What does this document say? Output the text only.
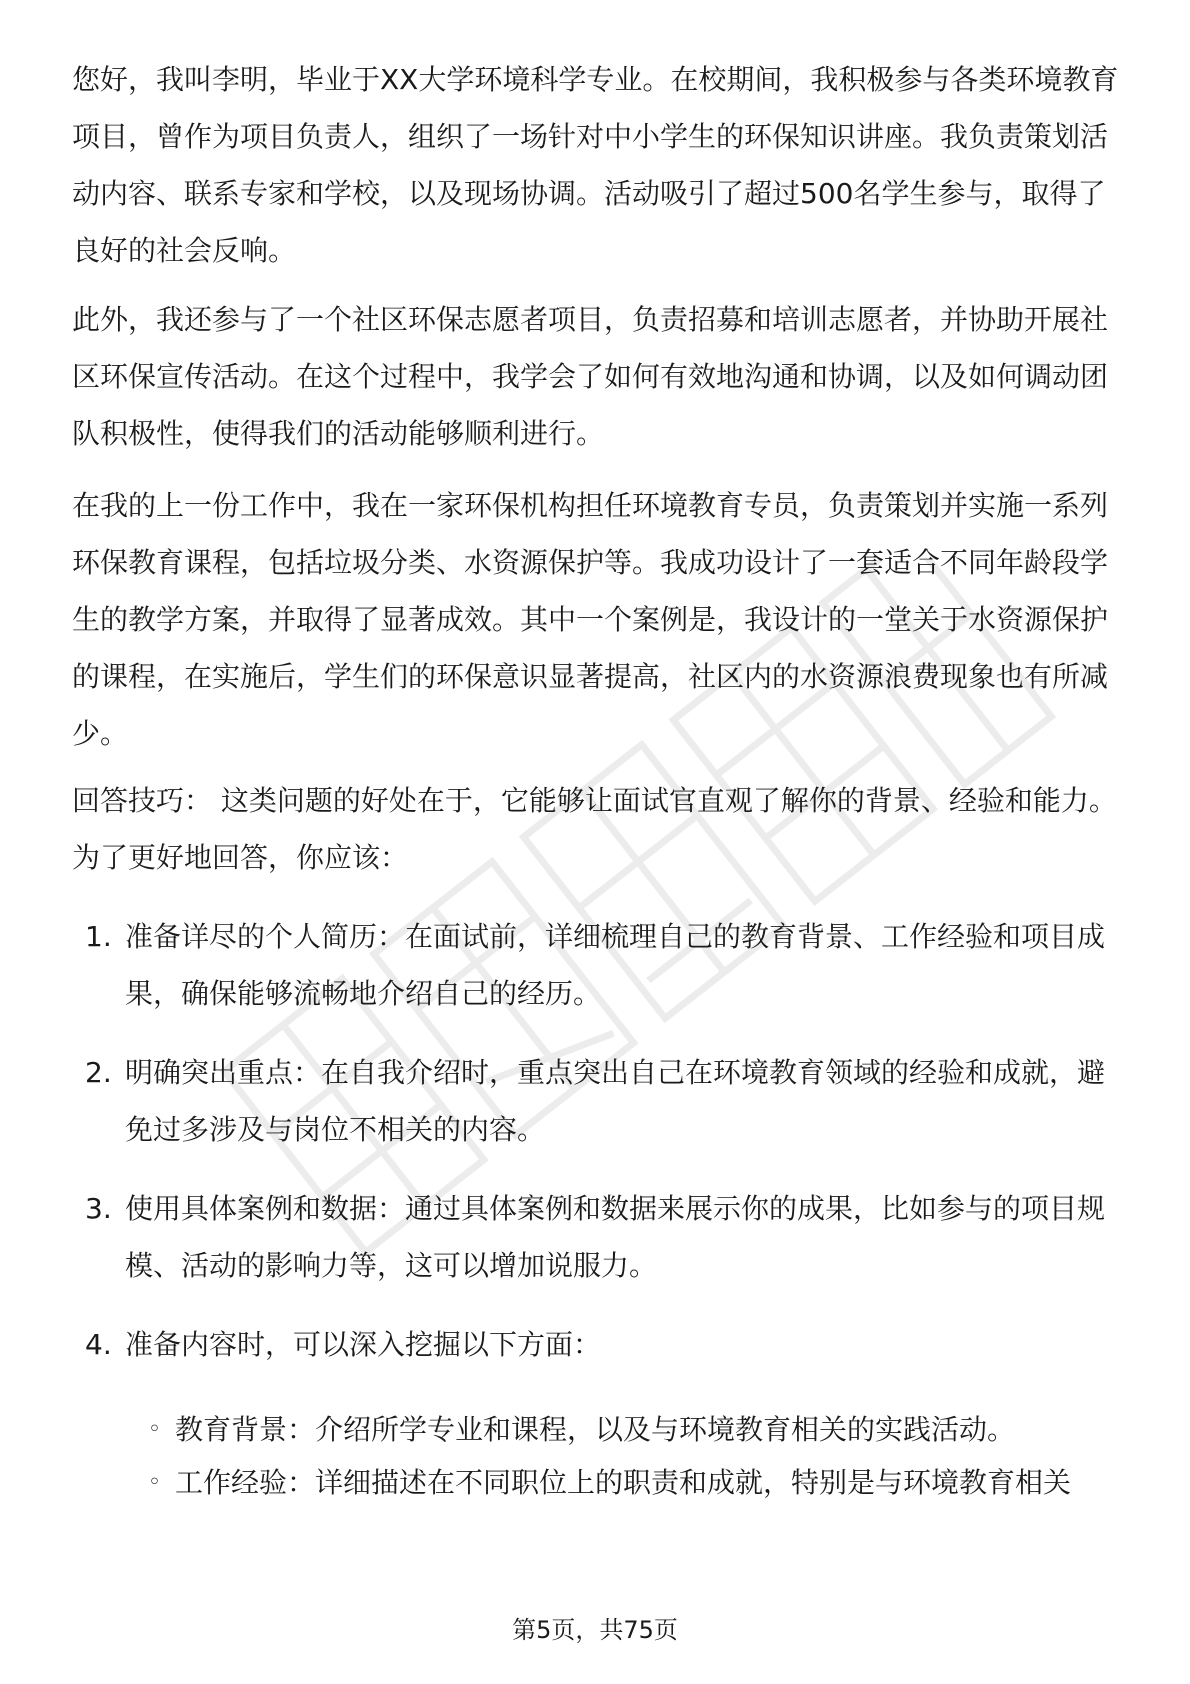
您好，我叫李明，毕业于XX大学环境科学专业。在校期间，我积极参与各类环境教育项目，曾作为项目负责人，组织了一场针对中小学生的环保知识讲座。我负责策划活动内容、联系专家和学校，以及现场协调。活动吸引了超过500名学生参与，取得了良好的社会反响。

此外，我还参与了一个社区环保志愿者项目，负责招募和培训志愿者，并协助开展社区环保宣传活动。在这个过程中，我学会了如何有效地沟通和协调，以及如何调动团队积极性，使得我们的活动能够顺利进行。

在我的上一份工作中，我在一家环保机构担任环境教育专员，负责策划并实施一系列环保教育课程，包括垃圾分类、水资源保护等。我成功设计了一套适合不同年龄段学生的教学方案，并取得了显著成效。其中一个案例是，我设计的一堂关于水资源保护的课程，在实施后，学生们的环保意识显著提高，社区内的水资源浪费现象也有所减少。

回答技巧： 这类问题的好处在于，它能够让面试官直观了解你的背景、经验和能力。为了更好地回答，你应该：

1. 准备详尽的个人简历：在面试前，详细梳理自己的教育背景、工作经验和项目成果，确保能够流畅地介绍自己的经历。
2. 明确突出重点：在自我介绍时，重点突出自己在环境教育领域的经验和成就，避免过多涉及与岗位不相关的内容。
3. 使用具体案例和数据：通过具体案例和数据来展示你的成果，比如参与的项目规模、活动的影响力等，这可以增加说服力。
4. 准备内容时，可以深入挖掘以下方面：
◦ 教育背景：介绍所学专业和课程，以及与环境教育相关的实践活动。
◦ 工作经验：详细描述在不同职位上的职责和成就，特别是与环境教育相关
第5页，共75页
